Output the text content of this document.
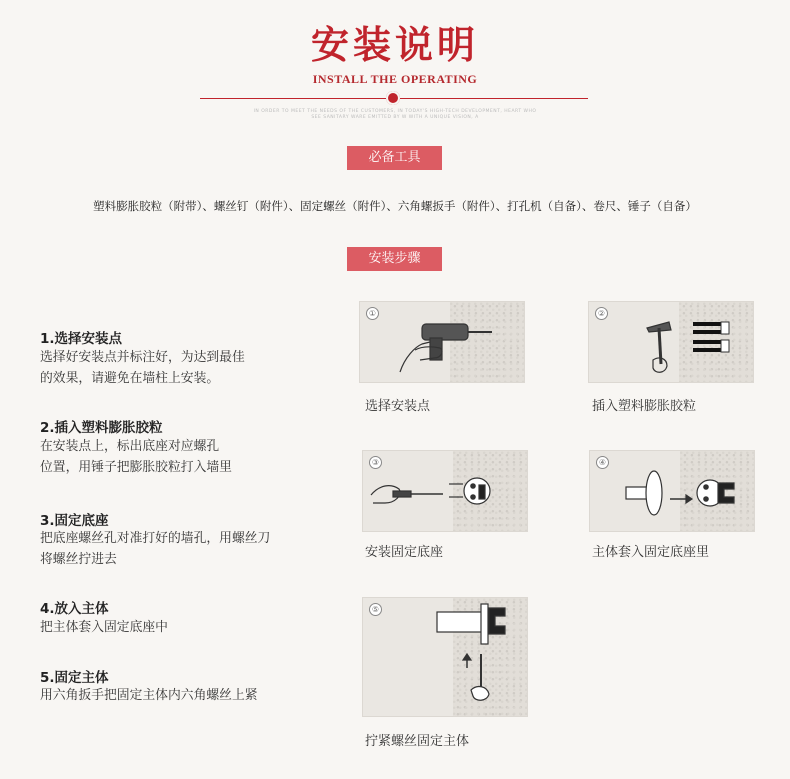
安装说明
INSTALL THE OPERATING
IN ORDER TO MEET THE NEEDS OF THE CUSTOMERS, IN TODAY'S HIGH-TECH DEVELOPMENT, HEART WHO SEE SANITARY WARE EMITTED BY W WITH A UNIQUE VISION, A
必备工具
塑料膨胀胶粒（附带）、螺丝钉（附件）、固定螺丝（附件）、六角螺扳手（附件）、打孔机（自备）、卷尺、锤子（自备）
安装步骤
1.选择安装点
选择好安装点并标注好，为达到最佳
的效果，请避免在墙柱上安装。
2.插入塑料膨胀胶粒
在安装点上，标出底座对应螺孔
位置，用锤子把膨胀胶粒打入墙里
3.固定底座
把底座螺丝孔对准打好的墙孔，用螺丝刀
将螺丝拧进去
4.放入主体
把主体套入固定底座中
5.固定主体
用六角扳手把固定主体内六角螺丝上紧
①
选择安装点
②
插入塑料膨胀胶粒
③
安装固定底座
④
主体套入固定底座里
⑤
拧紧螺丝固定主体
